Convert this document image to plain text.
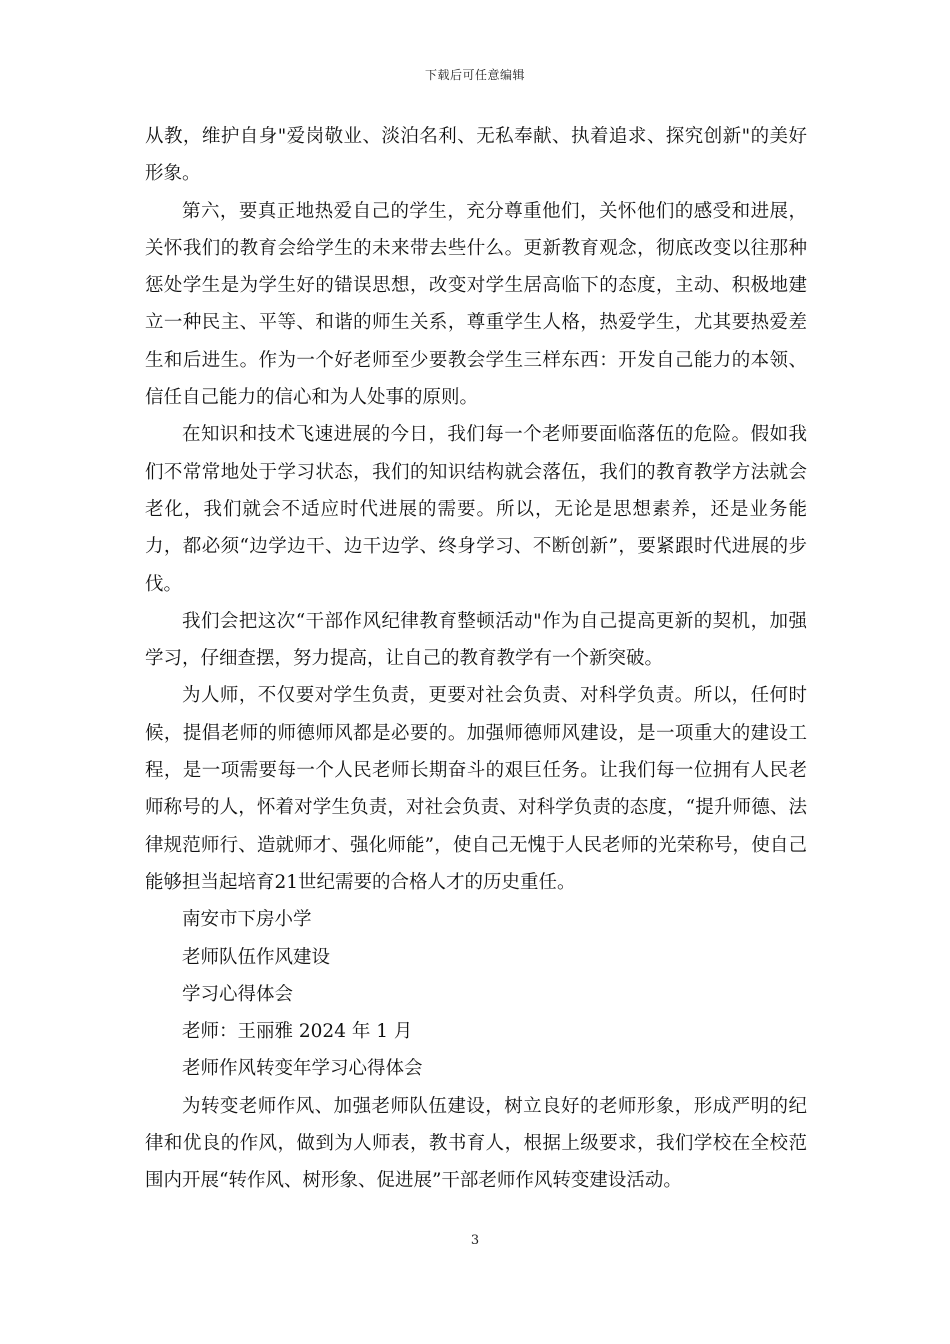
下载后可任意编辑

从教，维护自身"爱岗敬业、淡泊名利、无私奉献、执着追求、探究创新"的美好形象。

第六，要真正地热爱自己的学生，充分尊重他们，关怀他们的感受和进展，关怀我们的教育会给学生的未来带去些什么。更新教育观念，彻底改变以往那种惩处学生是为学生好的错误思想，改变对学生居高临下的态度，主动、积极地建立一种民主、平等、和谐的师生关系，尊重学生人格，热爱学生，尤其要热爱差生和后进生。作为一个好老师至少要教会学生三样东西：开发自己能力的本领、信任自己能力的信心和为人处事的原则。

在知识和技术飞速进展的今日，我们每一个老师要面临落伍的危险。假如我们不常常地处于学习状态，我们的知识结构就会落伍，我们的教育教学方法就会老化，我们就会不适应时代进展的需要。所以，无论是思想素养，还是业务能力，都必须“边学边干、边干边学、终身学习、不断创新”，要紧跟时代进展的步伐。

我们会把这次“干部作风纪律教育整顿活动"作为自己提高更新的契机，加强学习，仔细查摆，努力提高，让自己的教育教学有一个新突破。

为人师，不仅要对学生负责，更要对社会负责、对科学负责。所以，任何时候，提倡老师的师德师风都是必要的。加强师德师风建设，是一项重大的建设工程，是一项需要每一个人民老师长期奋斗的艰巨任务。让我们每一位拥有人民老师称号的人，怀着对学生负责，对社会负责、对科学负责的态度，“提升师德、法律规范师行、造就师才、强化师能”，使自己无愧于人民老师的光荣称号，使自己能够担当起培育21世纪需要的合格人才的历史重任。

南安市下房小学

老师队伍作风建设

学习心得体会

老师：王丽雅 2024 年 1 月

老师作风转变年学习心得体会

为转变老师作风、加强老师队伍建设，树立良好的老师形象，形成严明的纪律和优良的作风，做到为人师表，教书育人，根据上级要求，我们学校在全校范围内开展“转作风、树形象、促进展”干部老师作风转变建设活动。

3
